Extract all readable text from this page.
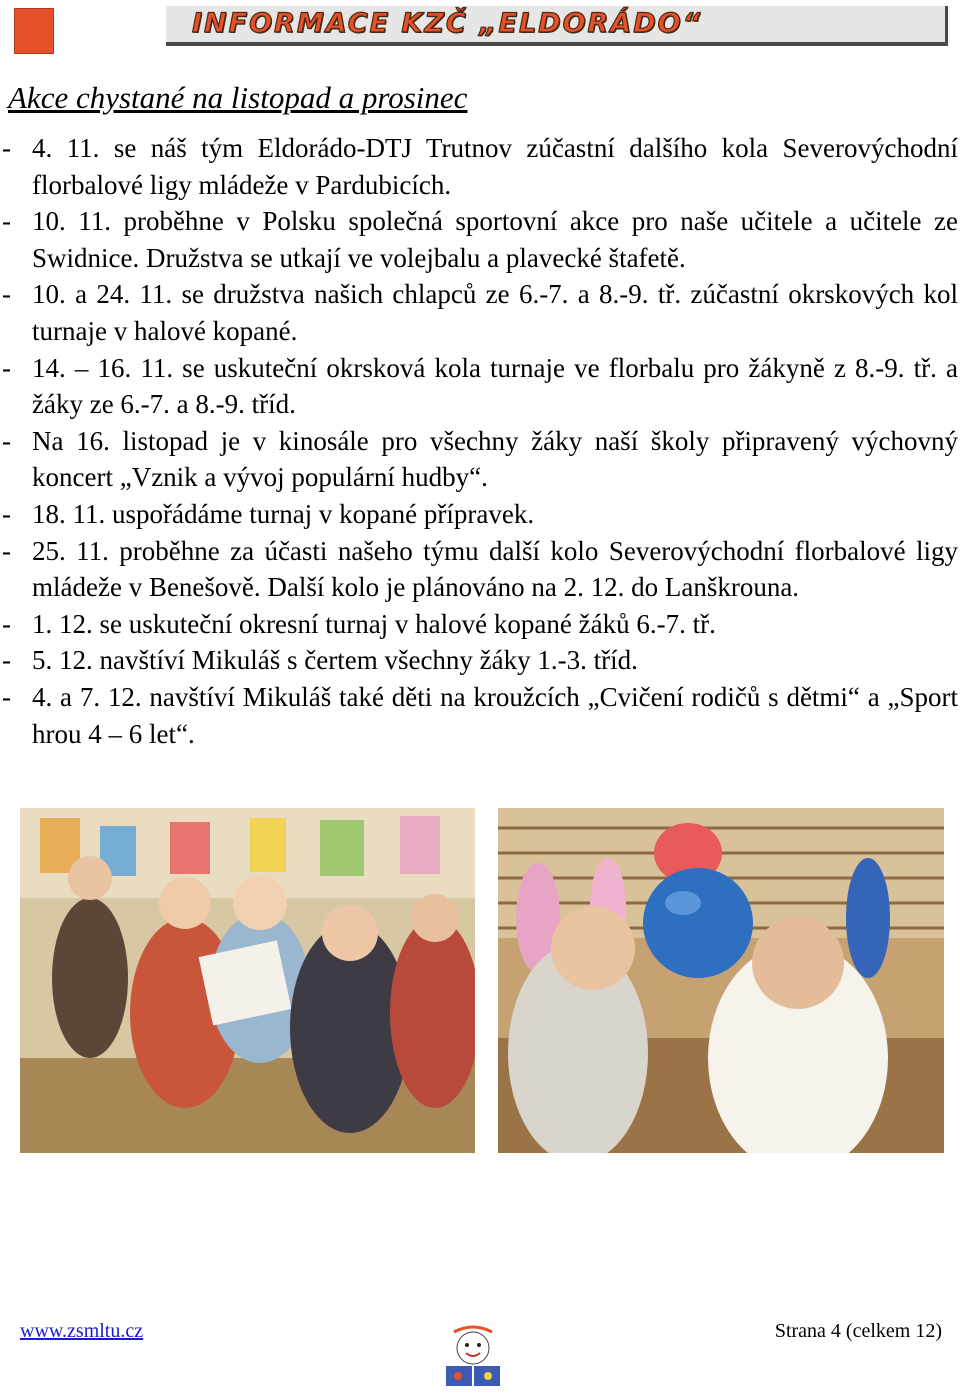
INFORMACE KZČ „ELDORÁDO“
Akce chystané na listopad a prosinec
- 4. 11. se náš tým Eldorádo-DTJ Trutnov zúčastní dalšího kola Severovýchodní florbalové ligy mládeže v Pardubicích.
- 10. 11. proběhne v Polsku společná sportovní akce pro naše učitele a učitele ze Swidnice. Družstva se utkají ve volejbalu a plavecké štafetě.
- 10. a 24. 11. se družstva našich chlapců ze 6.-7. a 8.-9. tř. zúčastní okrskových kol turnaje v halové kopané.
- 14. – 16. 11. se uskuteční okrsková kola turnaje ve florbalu pro žákyně z 8.-9. tř. a žáky ze 6.-7. a 8.-9. tříd.
- Na 16. listopad je v kinosále pro všechny žáky naší školy připravený výchovný koncert „Vznik a vývoj populární hudby“.
- 18. 11. uspořádáme turnaj v kopané přípravek.
- 25. 11. proběhne za účasti našeho týmu další kolo Severovýchodní florbalové ligy mládeže v Benešově. Další kolo je plánováno na 2. 12. do Lanškrouna.
- 1. 12. se uskuteční okresní turnaj v halové kopané žáků 6.-7. tř.
- 5. 12. navštíví Mikuláš s čertem všechny žáky 1.-3. tříd.
- 4. a 7. 12. navštíví Mikuláš také děti na kroužcích „Cvičení rodičů s dětmi“ a „Sport hrou 4 – 6 let“.
www.zsmltu.cz	Strana 4 (celkem 12)
